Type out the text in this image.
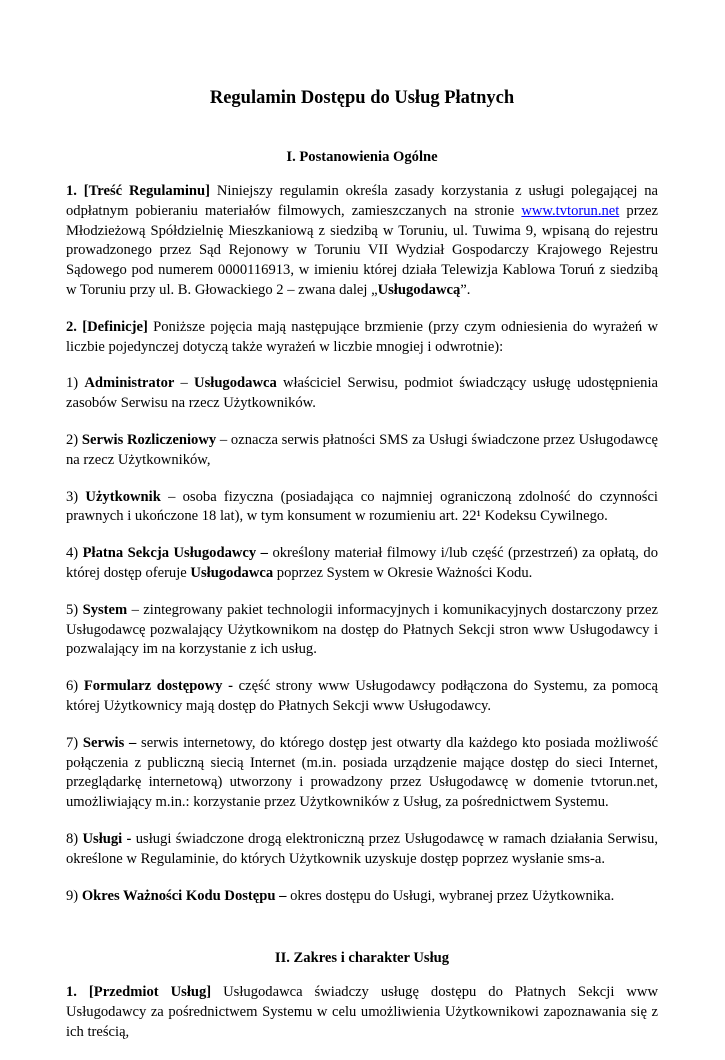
Regulamin Dostępu do Usług Płatnych
I. Postanowienia Ogólne

1. [Treść Regulaminu] Niniejszy regulamin określa zasady korzystania z usługi polegającej na odpłatnym pobieraniu materiałów filmowych, zamieszczanych na stronie www.tvtorun.net przez Młodzieżową Spółdzielnię Mieszkaniową z siedzibą w Toruniu, ul. Tuwima 9, wpisaną do rejestru prowadzonego przez Sąd Rejonowy w Toruniu VII Wydział Gospodarczy Krajowego Rejestru Sądowego pod numerem 0000116913, w imieniu której działa Telewizja Kablowa Toruń z siedzibą w Toruniu przy ul. B. Głowackiego 2 – zwana dalej „Usługodawcą”.

2. [Definicje] Poniższe pojęcia mają następujące brzmienie (przy czym odniesienia do wyrażeń w liczbie pojedynczej dotyczą także wyrażeń w liczbie mnogiej i odwrotnie):

1) Administrator – Usługodawca właściciel Serwisu, podmiot świadczący usługę udostępnienia zasobów Serwisu na rzecz Użytkowników.

2) Serwis Rozliczeniowy – oznacza serwis płatności SMS za Usługi świadczone przez Usługodawcę na rzecz Użytkowników,

3) Użytkownik – osoba fizyczna (posiadająca co najmniej ograniczoną zdolność do czynności prawnych i ukończone 18 lat), w tym konsument w rozumieniu art. 22¹ Kodeksu Cywilnego.

4) Płatna Sekcja Usługodawcy – określony materiał filmowy i/lub część (przestrzeń) za opłatą, do której dostęp oferuje Usługodawca poprzez System w Okresie Ważności Kodu.

5) System – zintegrowany pakiet technologii informacyjnych i komunikacyjnych dostarczony przez Usługodawcę pozwalający Użytkownikom na dostęp do Płatnych Sekcji stron www Usługodawcy i pozwalający im na korzystanie z ich usług.

6) Formularz dostępowy - część strony www Usługodawcy podłączona do Systemu, za pomocą której Użytkownicy mają dostęp do Płatnych Sekcji www Usługodawcy.

7) Serwis – serwis internetowy, do którego dostęp jest otwarty dla każdego kto posiada możliwość połączenia z publiczną siecią Internet (m.in. posiada urządzenie mające dostęp do sieci Internet, przeglądarkę internetową) utworzony i prowadzony przez Usługodawcę w domenie tvtorun.net, umożliwiający m.in.: korzystanie przez Użytkowników z Usług, za pośrednictwem Systemu.

8) Usługi - usługi świadczone drogą elektroniczną przez Usługodawcę w ramach działania Serwisu, określone w Regulaminie, do których Użytkownik uzyskuje dostęp poprzez wysłanie sms-a.

9) Okres Ważności Kodu Dostępu – okres dostępu do Usługi, wybranej przez Użytkownika.

II. Zakres i charakter Usług

1. [Przedmiot Usług] Usługodawca świadczy usługę dostępu do Płatnych Sekcji www Usługodawcy za pośrednictwem Systemu w celu umożliwienia Użytkownikowi zapoznawania się z ich treścią,
